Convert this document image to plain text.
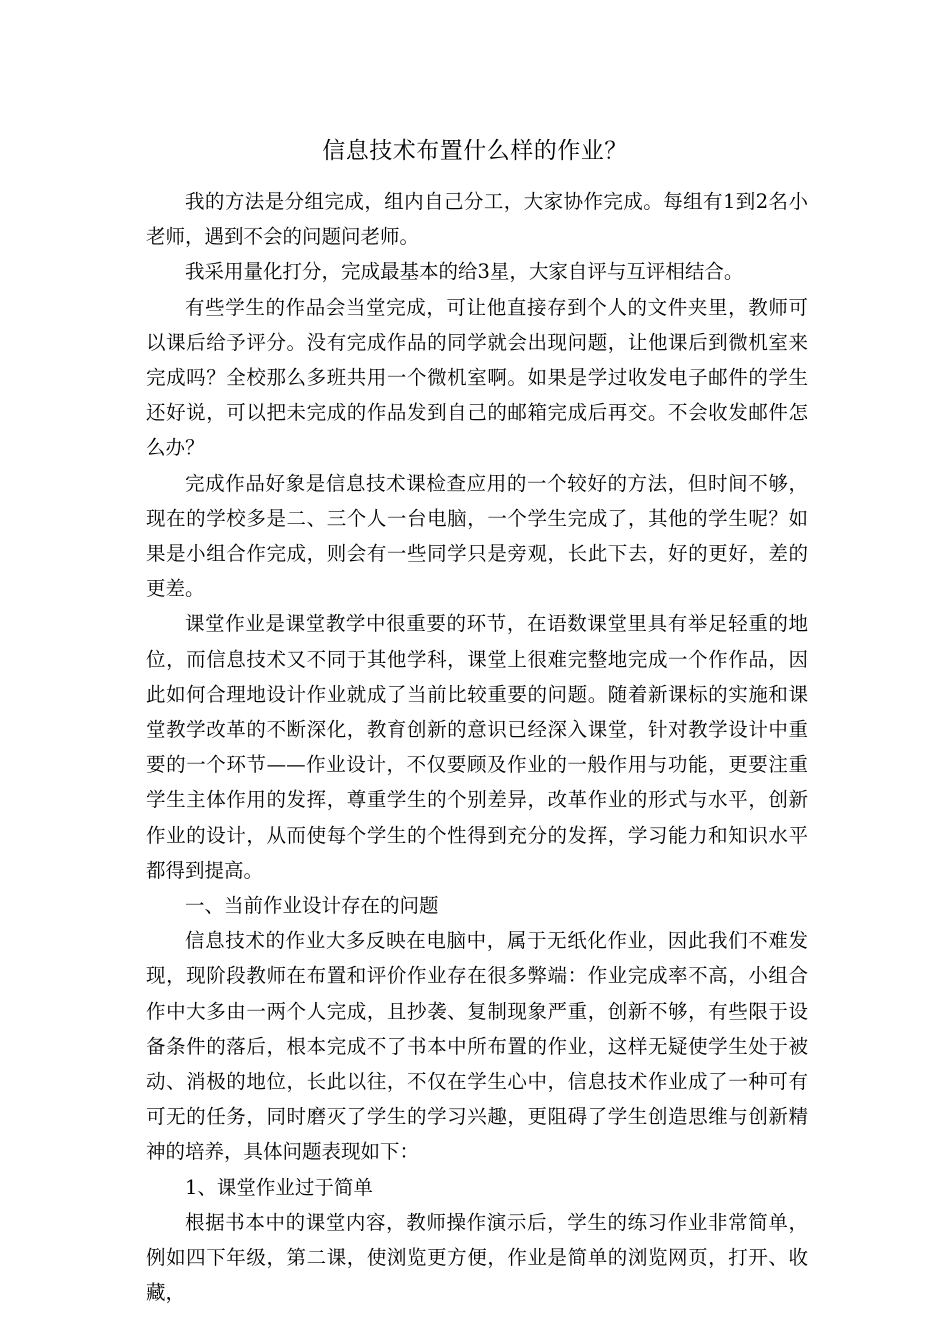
信息技术布置什么样的作业？

我的方法是分组完成，组内自己分工，大家协作完成。每组有1到2名小老师，遇到不会的问题问老师。

我采用量化打分，完成最基本的给3星，大家自评与互评相结合。

有些学生的作品会当堂完成，可让他直接存到个人的文件夹里，教师可以课后给予评分。没有完成作品的同学就会出现问题，让他课后到微机室来完成吗？全校那么多班共用一个微机室啊。如果是学过收发电子邮件的学生还好说，可以把未完成的作品发到自己的邮箱完成后再交。不会收发邮件怎么办？

完成作品好象是信息技术课检查应用的一个较好的方法，但时间不够，现在的学校多是二、三个人一台电脑，一个学生完成了，其他的学生呢？如果是小组合作完成，则会有一些同学只是旁观，长此下去，好的更好，差的更差。

课堂作业是课堂教学中很重要的环节，在语数课堂里具有举足轻重的地位，而信息技术又不同于其他学科，课堂上很难完整地完成一个作作品，因此如何合理地设计作业就成了当前比较重要的问题。随着新课标的实施和课堂教学改革的不断深化，教育创新的意识已经深入课堂，针对教学设计中重要的一个环节——作业设计，不仅要顾及作业的一般作用与功能，更要注重学生主体作用的发挥，尊重学生的个别差异，改革作业的形式与水平，创新作业的设计，从而使每个学生的个性得到充分的发挥，学习能力和知识水平都得到提高。

一、当前作业设计存在的问题

信息技术的作业大多反映在电脑中，属于无纸化作业，因此我们不难发现，现阶段教师在布置和评价作业存在很多弊端：作业完成率不高，小组合作中大多由一两个人完成，且抄袭、复制现象严重，创新不够，有些限于设备条件的落后，根本完成不了书本中所布置的作业，这样无疑使学生处于被动、消极的地位，长此以往，不仅在学生心中，信息技术作业成了一种可有可无的任务，同时磨灭了学生的学习兴趣，更阻碍了学生创造思维与创新精神的培养，具体问题表现如下：

1、课堂作业过于简单

根据书本中的课堂内容，教师操作演示后，学生的练习作业非常简单，例如四下年级，第二课，使浏览更方便，作业是简单的浏览网页，打开、收藏，
